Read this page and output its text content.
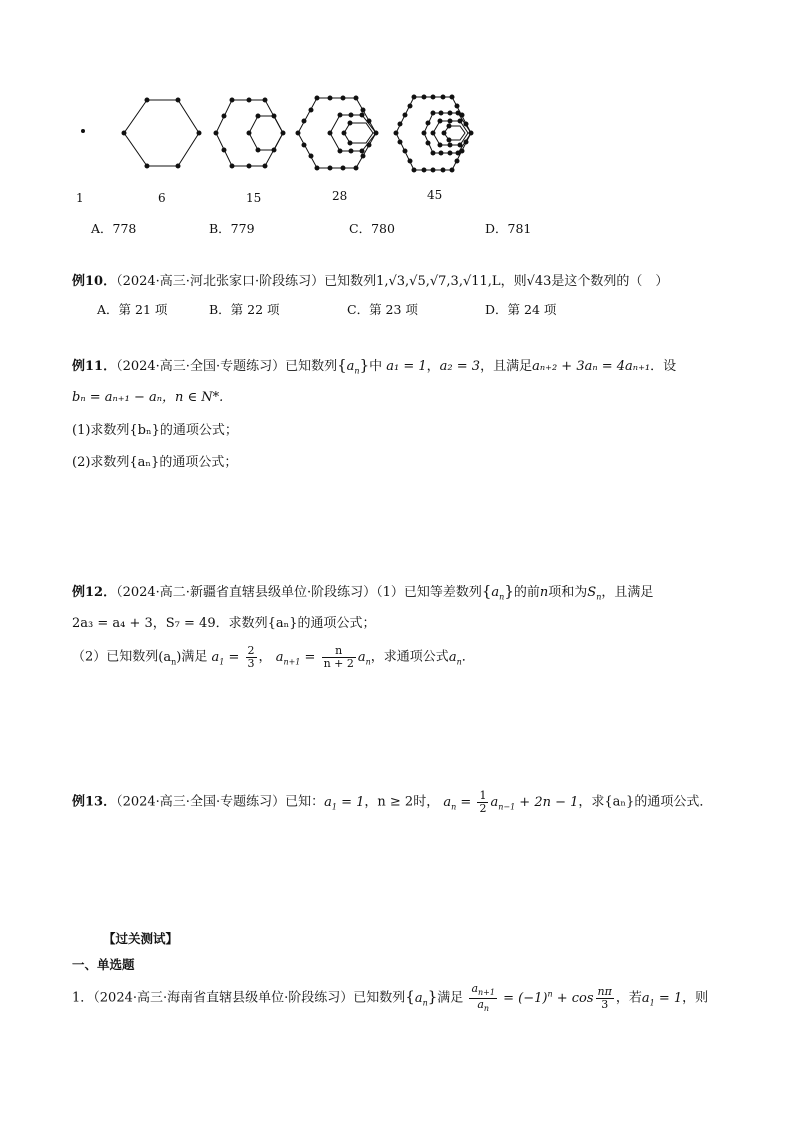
1	6	15	28	45
A．778	B．779	C．780	D．781
例10．（2024·高三·河北张家口·阶段练习）已知数列1,√3,√5,√7,3,√11,L，则√43是这个数列的（　）
A．第 21 项	B．第 22 项	C．第 23 项	D．第 24 项
例11．（2024·高三·全国·专题练习）已知数列$\{a_n\}$中 a₁ = 1，a₂ = 3，且满足aₙ₊₂ + 3aₙ = 4aₙ₊₁．设
bₙ = aₙ₊₁ − aₙ，n ∈ N*.
(1)求数列{bₙ}的通项公式；
(2)求数列{aₙ}的通项公式；
例12．（2024·高二·新疆省直辖县级单位·阶段练习）（1）已知等差数列$\{a_n\}$的前n项和为$S_n$，且满足
2a₃ = a₄ + 3，S₇ = 49．求数列{aₙ}的通项公式；
（2）已知数列$(a_n)$满足 $a_1 = \frac{2}{3}$ ， $a_{n+1} = \frac{n}{n + 2} a_n$，求通项公式$a_n$．
例13．（2024·高三·全国·专题练习）已知：$a_1 = 1$，n ≥ 2时， $a_n = \frac{1}{2} a_{n-1} + 2n - 1$，求{aₙ}的通项公式．
【过关测试】
一、单选题
1．（2024·高三·海南省直辖县级单位·阶段练习）已知数列$\{a_n\}$满足 $\frac{a_{n+1}}{a_n} = (-1)^n + \cos \frac{n\pi}{3}$ ，若$a_1 = 1$，则
